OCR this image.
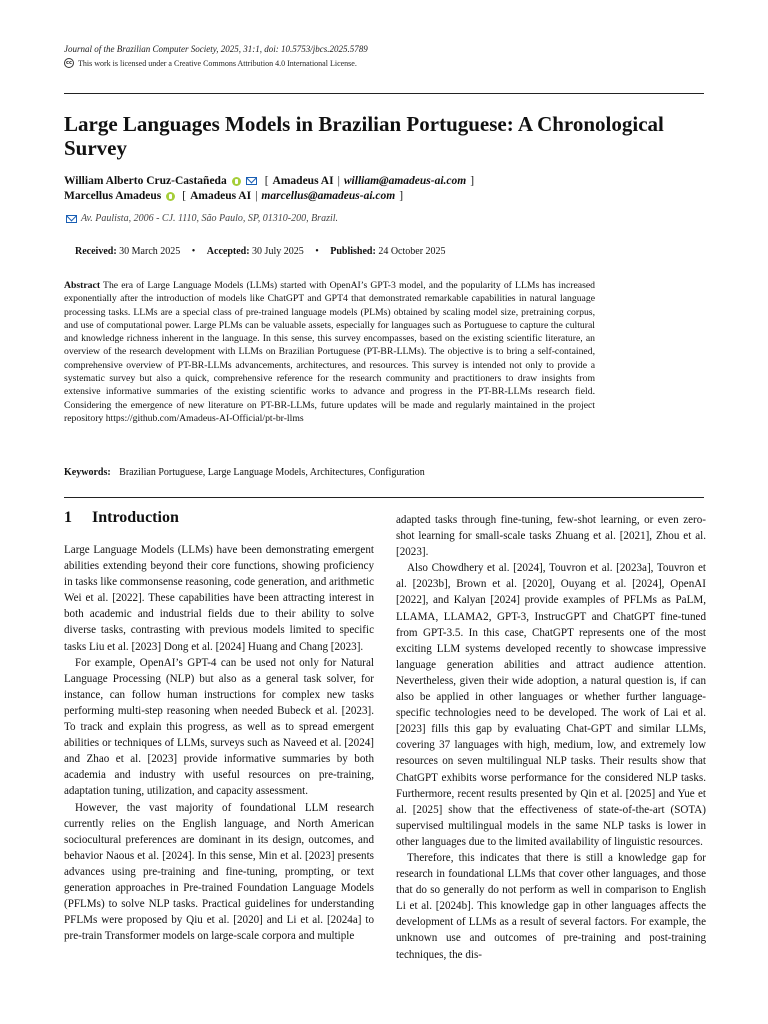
Journal of the Brazilian Computer Society, 2025, 31:1, doi: 10.5753/jbcs.2025.5789
cc This work is licensed under a Creative Commons Attribution 4.0 International License.
Large Languages Models in Brazilian Portuguese: A Chronological Survey
William Alberto Cruz-Castañeda	[ Amadeus AI | william@amadeus-ai.com ]
Marcellus Amadeus [ Amadeus AI | marcellus@amadeus-ai.com ]
Av. Paulista, 2006 - CJ. 1110, São Paulo, SP, 01310-200, Brazil.
Received: 30 March 2025 • Accepted: 30 July 2025 • Published: 24 October 2025

Abstract The era of Large Language Models (LLMs) started with OpenAI’s GPT-3 model, and the popularity of LLMs has increased exponentially after the introduction of models like ChatGPT and GPT4 that demonstrated remarkable capabilities in natural language processing tasks. LLMs are a special class of pre-trained language models (PLMs) obtained by scaling model size, pretraining corpus, and use of computational power. Large PLMs can be valuable assets, especially for languages such as Portuguese to capture the cultural and knowledge richness inherent in the language. In this sense, this survey encompasses, based on the existing scientific literature, an overview of the research development with LLMs on Brazilian Portuguese (PT-BR-LLMs). The objective is to bring a self-contained, comprehensive overview of PT-BR-LLMs advancements, architectures, and resources. This survey is intended not only to provide a systematic survey but also a quick, comprehensive reference for the research community and practitioners to draw insights from extensive informative summaries of the existing scientific works to advance and progress in the PT-BR-LLMs research field. Considering the emergence of new literature on PT-BR-LLMs, future updates will be made and regularly maintained in the project repository https://github.com/Amadeus-AI-Official/pt-br-llms

Keywords: Brazilian Portuguese, Large Language Models, Architectures, Configuration
1 Introduction

Large Language Models (LLMs) have been demonstrating emergent abilities extending beyond their core functions, showing proficiency in tasks like commonsense reasoning, code generation, and arithmetic Wei et al. [2022]. These capabilities have been attracting interest in both academic and industrial fields due to their ability to solve diverse tasks, contrasting with previous models limited to specific tasks Liu et al. [2023] Dong et al. [2024] Huang and Chang [2023].

For example, OpenAI’s GPT-4 can be used not only for Natural Language Processing (NLP) but also as a general task solver, for instance, can follow human instructions for complex new tasks performing multi-step reasoning when needed Bubeck et al. [2023]. To track and explain this progress, as well as to spread emergent abilities or techniques of LLMs, surveys such as Naveed et al. [2024] and Zhao et al. [2023] provide informative summaries by both academia and industry with useful resources on pre-training, adaptation tuning, utilization, and capacity assessment.

However, the vast majority of foundational LLM research currently relies on the English language, and North American sociocultural preferences are dominant in its design, outcomes, and behavior Naous et al. [2024]. In this sense, Min et al. [2023] presents advances using pre-training and fine-tuning, prompting, or text generation approaches in Pre-trained Foundation Language Models (PFLMs) to solve NLP tasks. Practical guidelines for understanding PFLMs were proposed by Qiu et al. [2020] and Li et al. [2024a] to pre-train Transformer models on large-scale corpora and multiple

adapted tasks through fine-tuning, few-shot learning, or even zero-shot learning for small-scale tasks Zhuang et al. [2021], Zhou et al. [2023].

Also Chowdhery et al. [2024], Touvron et al. [2023a], Touvron et al. [2023b], Brown et al. [2020], Ouyang et al. [2024], OpenAI [2022], and Kalyan [2024] provide examples of PFLMs as PaLM, LLAMA, LLAMA2, GPT-3, InstrucGPT and ChatGPT fine-tuned from GPT-3.5. In this case, ChatGPT represents one of the most exciting LLM systems developed recently to showcase impressive language generation abilities and attract audience attention. Nevertheless, given their wide adoption, a natural question is, if can also be applied in other languages or whether further language-specific technologies need to be developed. The work of Lai et al. [2023] fills this gap by evaluating Chat-GPT and similar LLMs, covering 37 languages with high, medium, low, and extremely low resources on seven multilingual NLP tasks. Their results show that ChatGPT exhibits worse performance for the considered NLP tasks. Furthermore, recent results presented by Qin et al. [2025] and Yue et al. [2025] show that the effectiveness of state-of-the-art (SOTA) supervised multilingual models in the same NLP tasks is lower in other languages due to the limited availability of linguistic resources.

Therefore, this indicates that there is still a knowledge gap for research in foundational LLMs that cover other languages, and those that do so generally do not perform as well in comparison to English Li et al. [2024b]. This knowledge gap in other languages affects the development of LLMs as a result of several factors. For example, the unknown use and outcomes of pre-training and post-training techniques, the dis-
